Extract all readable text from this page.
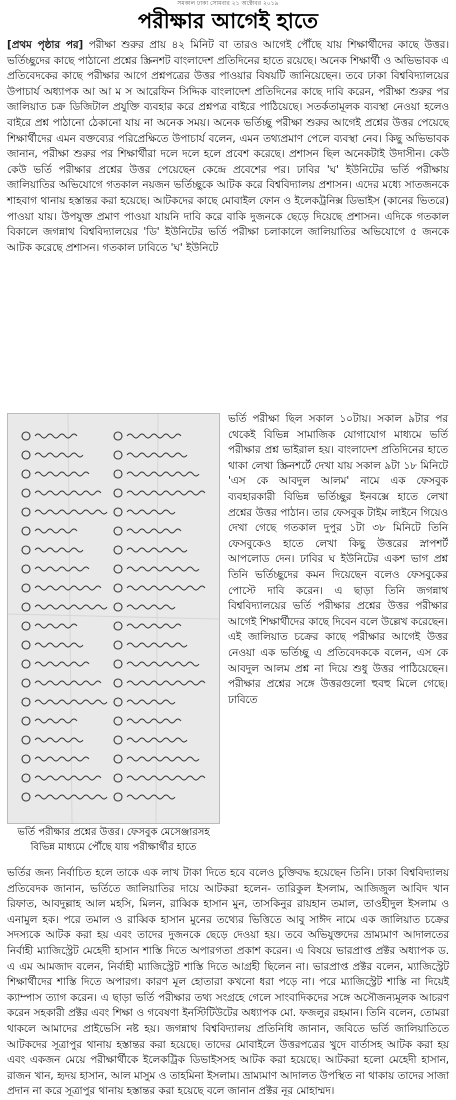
সমকাল ঢাকা সোমবার ২১ অক্টোবর ২০১৯
পরীক্ষার আগেই হাতে

[প্রথম পৃষ্ঠার পর] পরীক্ষা শুরুর প্রায় ৪২ মিনিট বা তারও আগেই পৌঁছে যায় শিক্ষার্থীদের কাছে উত্তর। ভর্তিচ্ছুদের কাছে পাঠানো প্রশ্নের স্ক্রিনশট বাংলাদেশ প্রতিদিনের হাতে রয়েছে। অনেক শিক্ষার্থী ও অভিভাবক এ প্রতিবেদকের কাছে পরীক্ষার আগে প্রশ্নপত্রের উত্তর পাওয়ার বিষয়টি জানিয়েছেন। তবে ঢাকা বিশ্ববিদ্যালয়ের উপাচার্য অধ্যাপক আ আ ম স আরেফিন সিদ্দিক বাংলাদেশ প্রতিদিনের কাছে দাবি করেন, পরীক্ষা শুরুর পর জালিয়াত চক্র ডিজিটাল প্রযুক্তি ব্যবহার করে প্রশ্নপত্র বাইরে পাঠিয়েছে। সতর্কতামূলক ব্যবস্থা নেওয়া হলেও বাইরে প্রশ্ন পাঠানো ঠেকানো যায় না অনেক সময়। অনেক ভর্তিচ্ছু পরীক্ষা শুরুর আগেই প্রশ্নের উত্তর পেয়েছে শিক্ষার্থীদের এমন বক্তব্যের পরিপ্রেক্ষিতে উপাচার্য বলেন, এমন তথ্যপ্রমাণ পেলে ব্যবস্থা নেব। কিছু অভিভাবক জানান, পরীক্ষা শুরুর পর শিক্ষার্থীরা দলে দলে হলে প্রবেশ করেছে। প্রশাসন ছিল অনেকটাই উদাসীন। কেউ কেউ ভর্তি পরীক্ষার প্রশ্নের উত্তর পেয়েছেন কেন্দ্রে প্রবেশের পর। ঢাবির 'ঘ' ইউনিটের ভর্তি পরীক্ষায় জালিয়াতির অভিযোগে গতকাল নয়জন ভর্তিচ্ছুকে আটক করে বিশ্ববিদ্যালয় প্রশাসন। এদের মধ্যে সাতজনকে শাহবাগ থানায় হস্তান্তর করা হয়েছে। আটকদের কাছে মোবাইল ফোন ও ইলেকট্রনিক্স ডিভাইস (কানের ভিতরে) পাওয়া যায়। উপযুক্ত প্রমাণ পাওয়া যায়নি দাবি করে বাকি দুজনকে ছেড়ে দিয়েছে প্রশাসন। এদিকে গতকাল বিকালে জগন্নাথ বিশ্ববিদ্যালয়ের 'ডি' ইউনিটের ভর্তি পরীক্ষা চলাকালে জালিয়াতির অভিযোগে ৫ জনকে আটক করেছে প্রশাসন। গতকাল ঢাবিতে 'ঘ' ইউনিটে

ভর্তি পরীক্ষার প্রশ্নের উত্তর। ফেসবুক মেসেঞ্জারসহ বিভিন্ন মাধ্যমে পৌঁছে যায় পরীক্ষার্থীর হাতে

ভর্তি পরীক্ষা ছিল সকাল ১০টায়। সকাল ৯টার পর থেকেই বিভিন্ন সামাজিক যোগাযোগ মাধ্যমে ভর্তি পরীক্ষার প্রশ্ন ভাইরাল হয়। বাংলাদেশ প্রতিদিনের হাতে থাকা লেখা স্ক্রিনশর্টে দেখা যায় সকাল ৯টা ১৮ মিনিটে 'এস কে আবদুল আলম' নামে এক ফেসবুক ব্যবহারকারী বিভিন্ন ভর্তিচ্ছুর ইনবক্সে হাতে লেখা প্রশ্নের উত্তর পাঠান। তার ফেসবুক টাইম লাইনে গিয়েও দেখা গেছে গতকাল দুপুর ১টা ৩৮ মিনিটে তিনি ফেসবুকেও হাতে লেখা কিছু উত্তরের স্নাপশর্ট আপলোড দেন। ঢাবির ঘ ইউনিটের একশ ভাগ প্রশ্ন তিনি ভর্তিচ্ছুদের কমন দিয়েছেন বলেও ফেসবুকের পোস্টে দাবি করেন। এ ছাড়া তিনি জগন্নাথ বিশ্ববিদ্যালয়ের ভর্তি পরীক্ষার প্রশ্নের উত্তর পরীক্ষার আগেই শিক্ষার্থীদের কাছে দিবেন বলে উল্লেখ করেছেন। এই জালিয়াত চক্রের কাছে পরীক্ষার আগেই উত্তর নেওয়া এক ভর্তিচ্ছু এ প্রতিবেদককে বলেন, এস কে আবদুল আলম প্রশ্ন না দিয়ে শুধু উত্তর পাঠিয়েছেন। পরীক্ষার প্রশ্নের সঙ্গে উত্তরগুলো হুবহু মিলে গেছে। ঢাবিতে

ভর্তির জন্য নির্বাচিত হলে তাকে এক লাখ টাকা দিতে হবে বলেও চুক্তিবদ্ধ হয়েছেন তিনি। ঢাকা বিশ্ববিদ্যালয় প্রতিবেদক জানান, ভর্তিতে জালিয়াতির দায়ে আটকরা হলেন- তারিকুল ইসলাম, আজিজুল আবিদ খান রিফাত, আবদুল্লাহ আল মহসি, মিলন, রাব্বিক হাসান মুন, তাসকিনুর রায়হান তমাল, তাওহীদুল ইসলাম ও এনামুল হক। পরে তমাল ও রাব্বিক হাসান মুনের তথ্যের ভিত্তিতে আবু সাঈদ নামে এক জালিয়াত চক্রের সদস্যকে আটক করা হয় এবং তাদের দুজনকে ছেড়ে দেওয়া হয়। তবে অভিযুক্তদের ভ্রাম্যমাণ আদালতের নির্বাহী ম্যাজিস্ট্রেট মেহেদী হাসান শাস্তি দিতে অপারগতা প্রকাশ করেন। এ বিষয়ে ভারপ্রাপ্ত প্রক্টর অধ্যাপক ড. এ এম আমজাদ বলেন, নির্বাহী ম্যাজিস্ট্রেট শাস্তি দিতে আগ্রহী ছিলেন না। ভারপ্রাপ্ত প্রক্টর বলেন, ম্যাজিস্ট্রেট শিক্ষার্থীদের শাস্তি দিতে অপারগ। কারণ মূল হোতারা কখনো ধরা পড়ে না। পরে ম্যাজিস্ট্রেট শাস্তি না দিয়েই ক্যাম্পাস ত্যাগ করেন। এ ছাড়া ভর্তি পরীক্ষার তথ্য সংগ্রহে গেলে সাংবাদিকদের সঙ্গে অসৌজন্যমূলক আচরণ করেন সহকারী প্রক্টর এবং শিক্ষা ও গবেষণা ইনস্টিটিউটের অধ্যাপক মো. ফজলুর রহমান। তিনি বলেন, তোমরা থাকলে আমাদের প্রাইভেসি নষ্ট হয়। জগন্নাথ বিশ্ববিদ্যালয় প্রতিনিধি জানান, জবিতে ভর্তি জালিয়াতিতে আটকদের সূত্রাপুর থানায় হস্তান্তর করা হয়েছে। তাদের মোবাইলে উত্তরপত্রের খুদে বার্তাসহ আটক করা হয় এবং একজন মেয়ে পরীক্ষার্থীকে ইলেকট্রিক ডিভাইসসহ আটক করা হয়েছে। আটকরা হলো মেহেদী হাসান, রাজন খান, হৃদয় হাসান, আল মাসুম ও তাহমিনা ইসলাম। ভ্রাম্যমাণ আদালত উপস্থিত না থাকায় তাদের সাজা প্রদান না করে সূত্রাপুর থানায় হস্তান্তর করা হয়েছে বলে জানান প্রক্টর নূর মোহাম্মদ।
